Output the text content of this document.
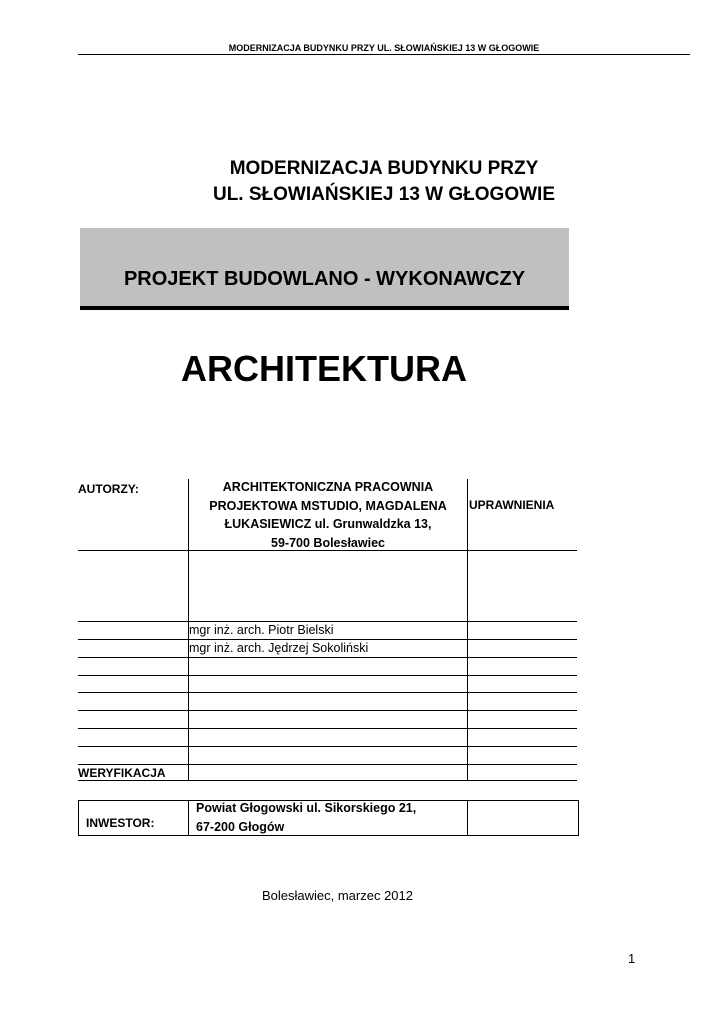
MODERNIZACJA BUDYNKU PRZY UL. SŁOWIAŃSKIEJ 13 W GŁOGOWIE
MODERNIZACJA BUDYNKU PRZY
UL. SŁOWIAŃSKIEJ 13 W GŁOGOWIE
PROJEKT BUDOWLANO - WYKONAWCZY
ARCHITEKTURA
AUTORZY:	ARCHITEKTONICZNA PRACOWNIA
PROJEKTOWA MSTUDIO, MAGDALENA
ŁUKASIEWICZ ul. Grunwaldzka 13,
59-700 Bolesławiec
UPRAWNIENIA
mgr inż. arch. Piotr Bielski
mgr inż. arch. Jędrzej Sokoliński
WERYFIKACJA
INWESTOR:
Powiat Głogowski ul. Sikorskiego 21,
67-200 Głogów
Bolesławiec, marzec 2012
1
